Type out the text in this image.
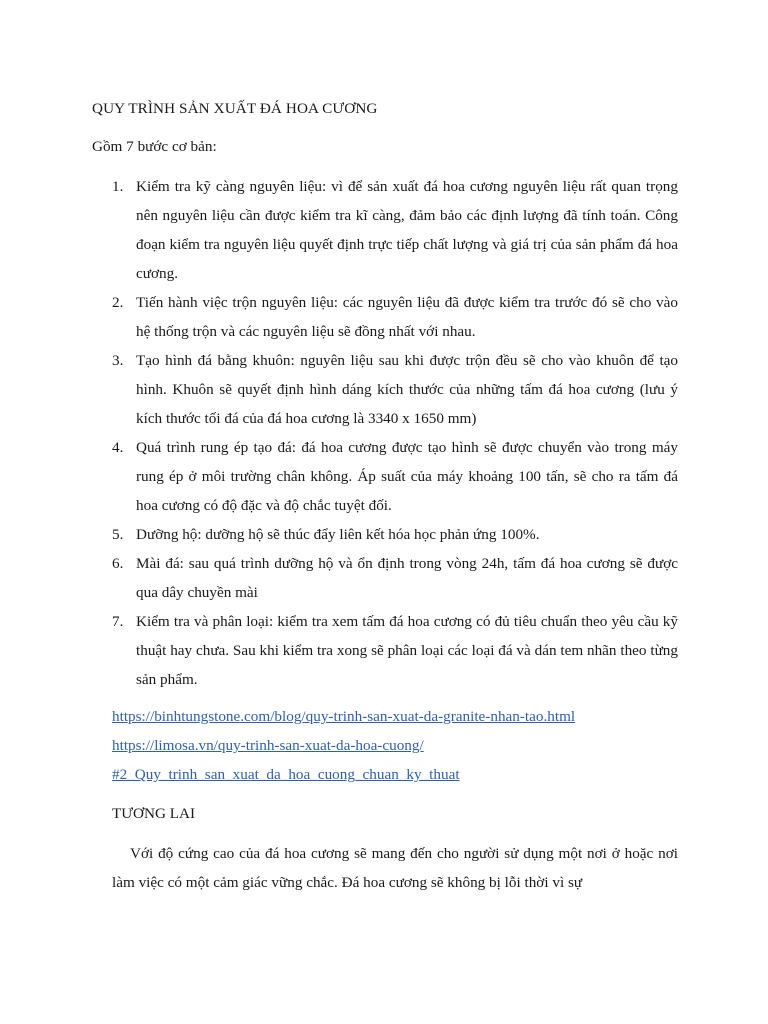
QUY TRÌNH SẢN XUẤT ĐÁ HOA CƯƠNG
Gồm 7 bước cơ bản:
1. Kiểm tra kỹ càng nguyên liệu: vì để sản xuất đá hoa cương nguyên liệu rất quan trọng nên nguyên liệu cần được kiểm tra kĩ càng, đảm bảo các định lượng đã tính toán. Công đoạn kiểm tra nguyên liệu quyết định trực tiếp chất lượng và giá trị của sản phẩm đá hoa cương.
2. Tiến hành việc trộn nguyên liệu: các nguyên liệu đã được kiểm tra trước đó sẽ cho vào hệ thống trộn và các nguyên liệu sẽ đồng nhất với nhau.
3. Tạo hình đá bằng khuôn: nguyên liệu sau khi được trộn đều sẽ cho vào khuôn để tạo hình. Khuôn sẽ quyết định hình dáng kích thước của những tấm đá hoa cương (lưu ý kích thước tối đá của đá hoa cương là 3340 x 1650 mm)
4. Quá trình rung ép tạo đá: đá hoa cương được tạo hình sẽ được chuyển vào trong máy rung ép ở môi trường chân không. Áp suất của máy khoảng 100 tấn, sẽ cho ra tấm đá hoa cương có độ đặc và độ chắc tuyệt đối.
5. Dưỡng hộ: dưỡng hộ sẽ thúc đẩy liên kết hóa học phản ứng 100%.
6. Mài đá: sau quá trình dưỡng hộ và ổn định trong vòng 24h, tấm đá hoa cương sẽ được qua dây chuyền mài
7. Kiểm tra và phân loại: kiểm tra xem tấm đá hoa cương có đủ tiêu chuẩn theo yêu cầu kỹ thuật hay chưa. Sau khi kiểm tra xong sẽ phân loại các loại đá và dán tem nhãn theo từng sản phẩm.
https://binhtungstone.com/blog/quy-trinh-san-xuat-da-granite-nhan-tao.html
https://limosa.vn/quy-trinh-san-xuat-da-hoa-cuong/
#2_Quy_trinh_san_xuat_da_hoa_cuong_chuan_ky_thuat
TƯƠNG LAI

Với độ cứng cao của đá hoa cương sẽ mang đến cho người sử dụng một nơi ở hoặc nơi làm việc có một cảm giác vững chắc. Đá hoa cương sẽ không bị lỗi thời vì sự
